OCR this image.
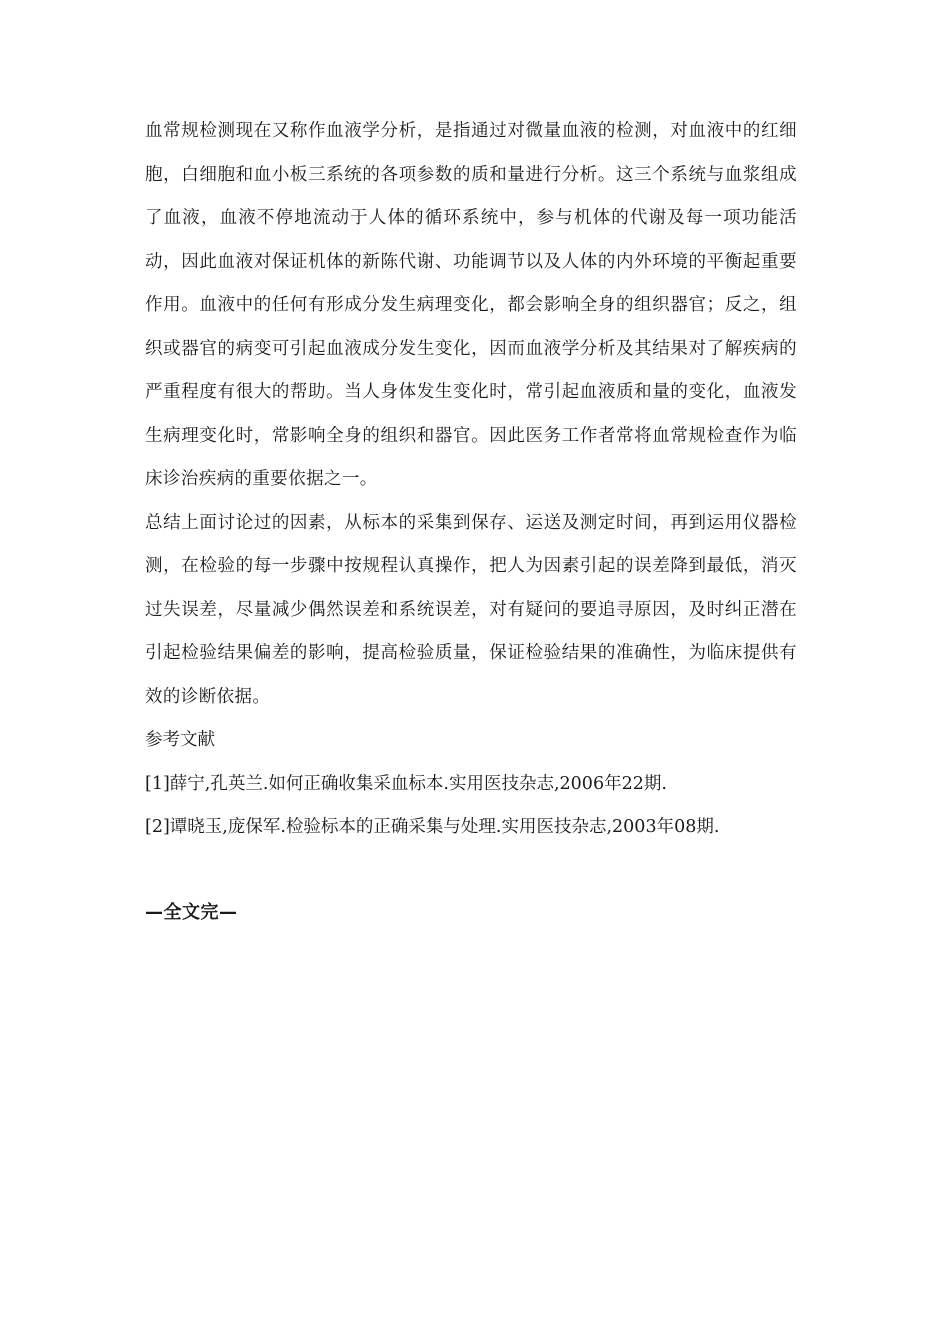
血常规检测现在又称作血液学分析，是指通过对微量血液的检测，对血液中的红细胞，白细胞和血小板三系统的各项参数的质和量进行分析。这三个系统与血浆组成了血液，血液不停地流动于人体的循环系统中，参与机体的代谢及每一项功能活动，因此血液对保证机体的新陈代谢、功能调节以及人体的内外环境的平衡起重要作用。血液中的任何有形成分发生病理变化，都会影响全身的组织器官；反之，组织或器官的病变可引起血液成分发生变化，因而血液学分析及其结果对了解疾病的严重程度有很大的帮助。当人身体发生变化时，常引起血液质和量的变化，血液发生病理变化时，常影响全身的组织和器官。因此医务工作者常将血常规检查作为临床诊治疾病的重要依据之一。

总结上面讨论过的因素，从标本的采集到保存、运送及测定时间，再到运用仪器检测，在检验的每一步骤中按规程认真操作，把人为因素引起的误差降到最低，消灭过失误差，尽量减少偶然误差和系统误差，对有疑问的要追寻原因，及时纠正潜在引起检验结果偏差的影响，提高检验质量，保证检验结果的准确性，为临床提供有效的诊断依据。

参考文献

[1]薛宁,孔英兰.如何正确收集采血标本.实用医技杂志,2006年22期.

[2]谭晓玉,庞保军.检验标本的正确采集与处理.实用医技杂志,2003年08期.

—全文完—
